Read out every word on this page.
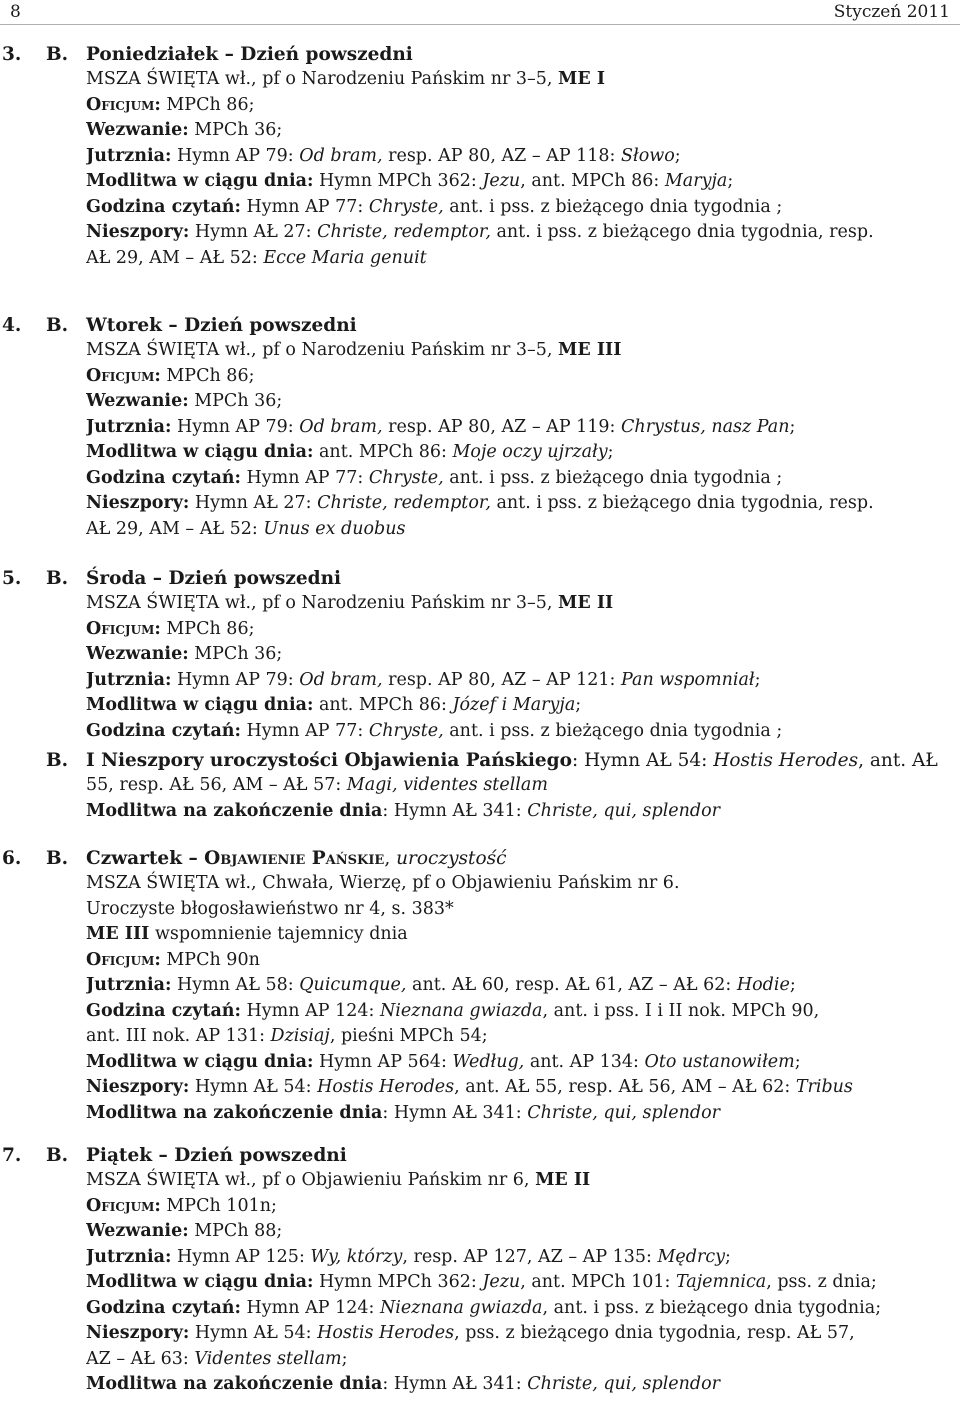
8	Styczeń 2011
3. B. Poniedziałek – Dzień powszedni
MSZA ŚWIĘTA wł., pf o Narodzeniu Pańskim nr 3–5, ME I
Oficjum: MPCh 86;
Wezwanie: MPCh 36;
Jutrznia: Hymn AP 79: Od bram, resp. AP 80, AZ – AP 118: Słowo;
Modlitwa w ciągu dnia: Hymn MPCh 362: Jezu, ant. MPCh 86: Maryja;
Godzina czytań: Hymn AP 77: Chryste, ant. i pss. z bieżącego dnia tygodnia ;
Nieszpory: Hymn AŁ 27: Christe, redemptor, ant. i pss. z bieżącego dnia tygodnia, resp.
AŁ 29, AM – AŁ 52: Ecce Maria genuit
4. B. Wtorek – Dzień powszedni
MSZA ŚWIĘTA wł., pf o Narodzeniu Pańskim nr 3–5, ME III
Oficjum: MPCh 86;
Wezwanie: MPCh 36;
Jutrznia: Hymn AP 79: Od bram, resp. AP 80, AZ – AP 119: Chrystus, nasz Pan;
Modlitwa w ciągu dnia: ant. MPCh 86: Moje oczy ujrzały;
Godzina czytań: Hymn AP 77: Chryste, ant. i pss. z bieżącego dnia tygodnia ;
Nieszpory: Hymn AŁ 27: Christe, redemptor, ant. i pss. z bieżącego dnia tygodnia, resp.
AŁ 29, AM – AŁ 52: Unus ex duobus
5. B. Środa – Dzień powszedni
MSZA ŚWIĘTA wł., pf o Narodzeniu Pańskim nr 3–5, ME II
Oficjum: MPCh 86;
Wezwanie: MPCh 36;
Jutrznia: Hymn AP 79: Od bram, resp. AP 80, AZ – AP 121: Pan wspomniał;
Modlitwa w ciągu dnia: ant. MPCh 86: Józef i Maryja;
Godzina czytań: Hymn AP 77: Chryste, ant. i pss. z bieżącego dnia tygodnia ;
B. I Nieszpory uroczystości Objawienia Pańskiego: Hymn AŁ 54: Hostis Herodes, ant. AŁ
55, resp. AŁ 56, AM – AŁ 57: Magi, videntes stellam
Modlitwa na zakończenie dnia: Hymn AŁ 341: Christe, qui, splendor
6. B. Czwartek – Objawienie Pańskie, uroczystość
MSZA ŚWIĘTA wł., Chwała, Wierzę, pf o Objawieniu Pańskim nr 6.
Uroczyste błogosławieństwo nr 4, s. 383*
ME III wspomnienie tajemnicy dnia
Oficjum: MPCh 90n
Jutrznia: Hymn AŁ 58: Quicumque, ant. AŁ 60, resp. AŁ 61, AZ – AŁ 62: Hodie;
Godzina czytań: Hymn AP 124: Nieznana gwiazda, ant. i pss. I i II nok. MPCh 90,
ant. III nok. AP 131: Dzisiaj, pieśni MPCh 54;
Modlitwa w ciągu dnia: Hymn AP 564: Według, ant. AP 134: Oto ustanowiłem;
Nieszpory: Hymn AŁ 54: Hostis Herodes, ant. AŁ 55, resp. AŁ 56, AM – AŁ 62: Tribus
Modlitwa na zakończenie dnia: Hymn AŁ 341: Christe, qui, splendor
7. B. Piątek – Dzień powszedni
MSZA ŚWIĘTA wł., pf o Objawieniu Pańskim nr 6, ME II
Oficjum: MPCh 101n;
Wezwanie: MPCh 88;
Jutrznia: Hymn AP 125: Wy, którzy, resp. AP 127, AZ – AP 135: Mędrcy;
Modlitwa w ciągu dnia: Hymn MPCh 362: Jezu, ant. MPCh 101: Tajemnica, pss. z dnia;
Godzina czytań: Hymn AP 124: Nieznana gwiazda, ant. i pss. z bieżącego dnia tygodnia;
Nieszpory: Hymn AŁ 54: Hostis Herodes, pss. z bieżącego dnia tygodnia, resp. AŁ 57,
AZ – AŁ 63: Videntes stellam;
Modlitwa na zakończenie dnia: Hymn AŁ 341: Christe, qui, splendor
